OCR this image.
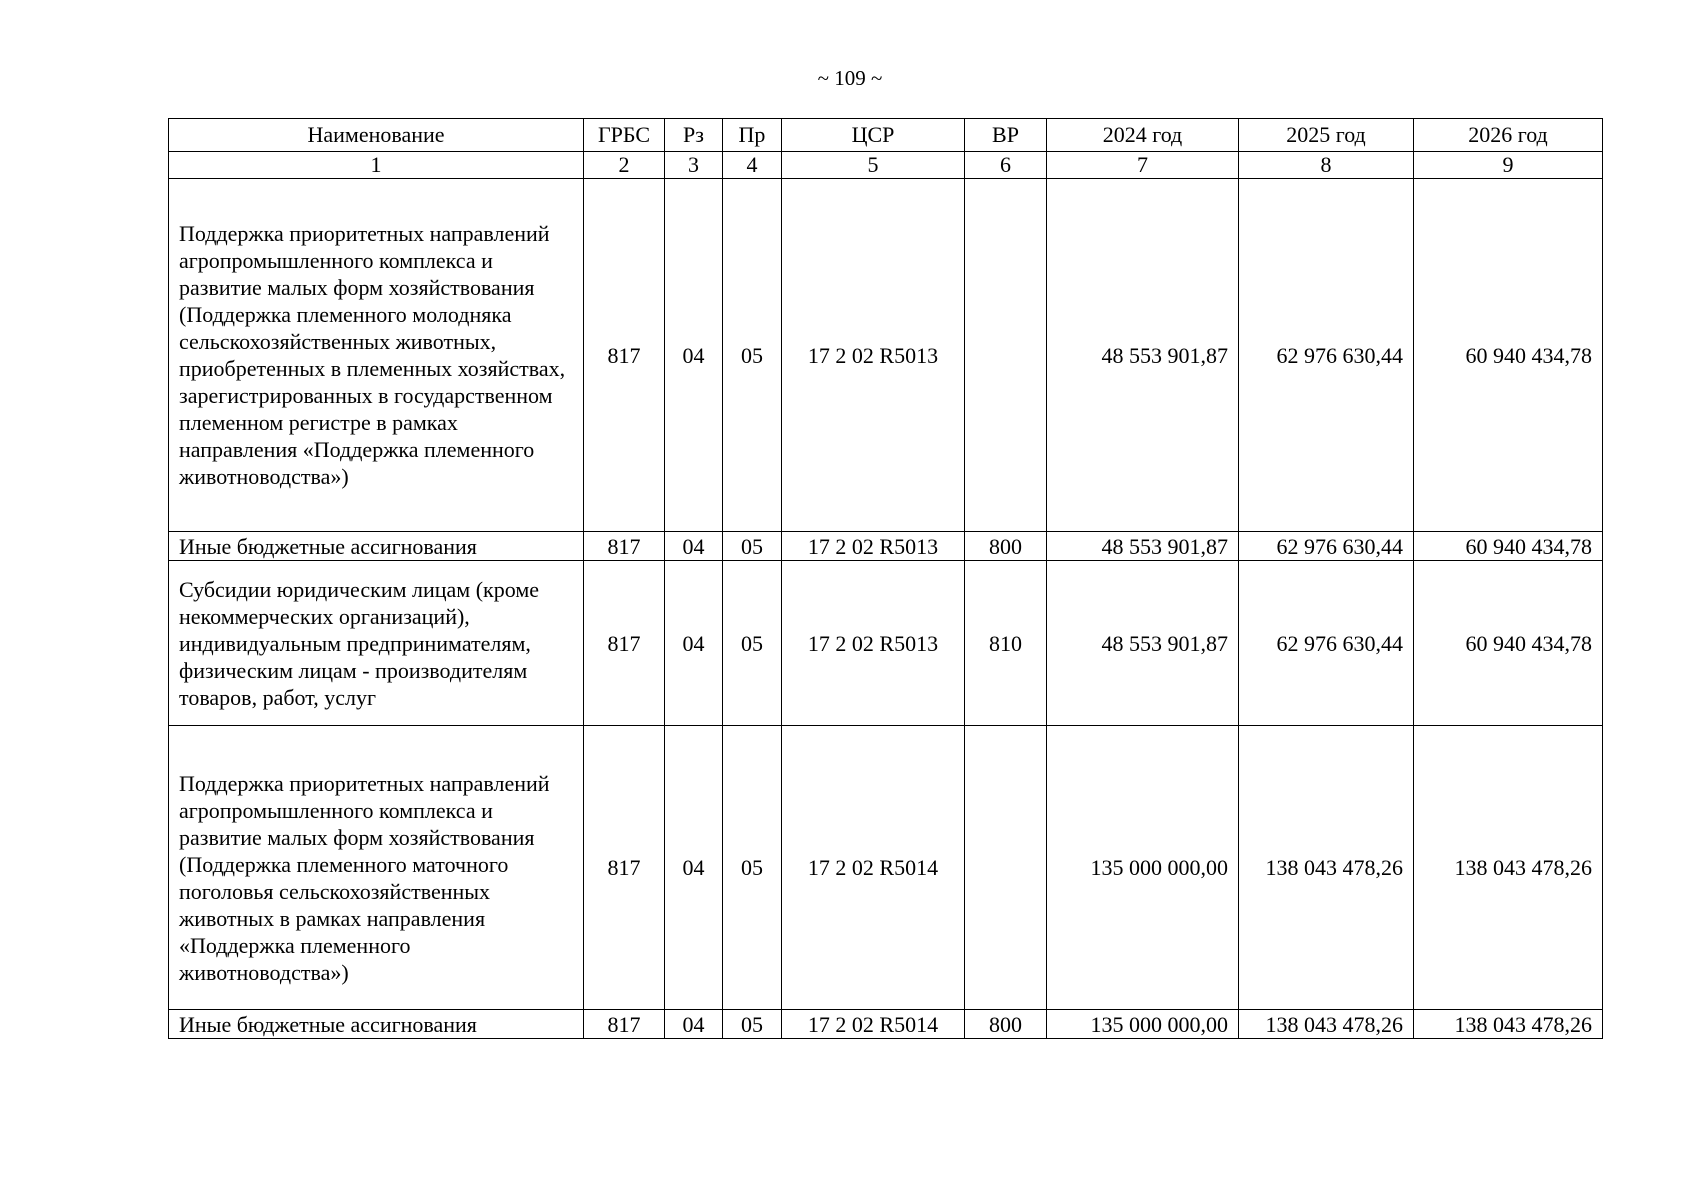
~ 109 ~
Наименование	ГРБС	Рз	Пр	ЦСР	ВР	2024 год	2025 год	2026 год
1	2	3	4	5	6	7	8	9
Поддержка приоритетных направлений агропромышленного комплекса и развитие малых форм хозяйствования (Поддержка племенного молодняка сельскохозяйственных животных, приобретенных в племенных хозяйствах, зарегистрированных в государственном племенном регистре в рамках направления «Поддержка племенного животноводства»)	817	04	05	17 2 02 R5013		48 553 901,87	62 976 630,44	60 940 434,78
Иные бюджетные ассигнования	817	04	05	17 2 02 R5013	800	48 553 901,87	62 976 630,44	60 940 434,78
Субсидии юридическим лицам (кроме некоммерческих организаций), индивидуальным предпринимателям, физическим лицам - производителям товаров, работ, услуг	817	04	05	17 2 02 R5013	810	48 553 901,87	62 976 630,44	60 940 434,78
Поддержка приоритетных направлений агропромышленного комплекса и развитие малых форм хозяйствования (Поддержка племенного маточного поголовья сельскохозяйственных животных в рамках направления «Поддержка племенного животноводства»)	817	04	05	17 2 02 R5014		135 000 000,00	138 043 478,26	138 043 478,26
Иные бюджетные ассигнования	817	04	05	17 2 02 R5014	800	135 000 000,00	138 043 478,26	138 043 478,26
